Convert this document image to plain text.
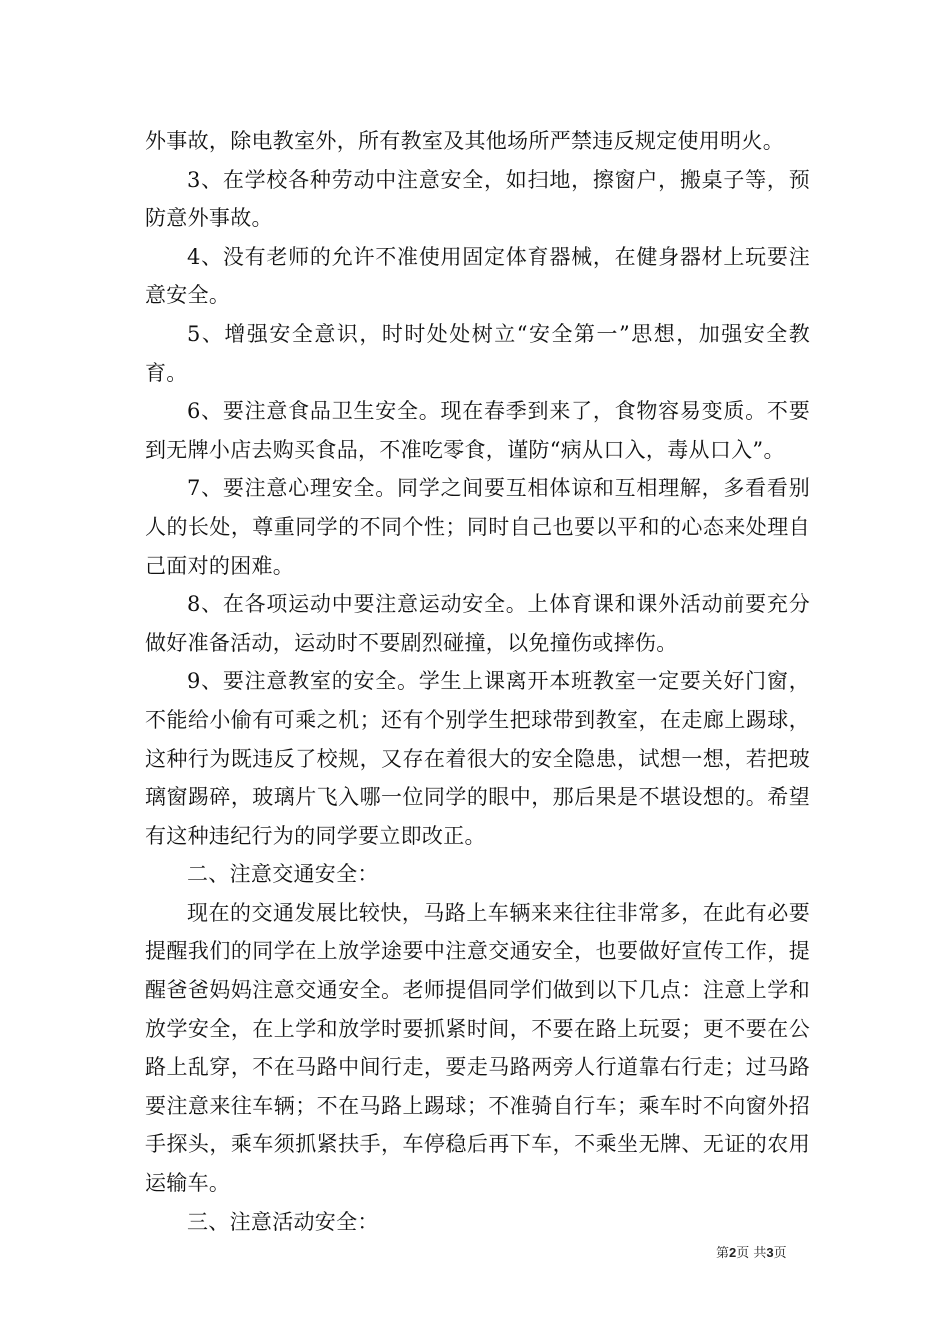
外事故，除电教室外，所有教室及其他场所严禁违反规定使用明火。

3、在学校各种劳动中注意安全，如扫地，擦窗户，搬桌子等，预防意外事故。

4、没有老师的允许不准使用固定体育器械，在健身器材上玩要注意安全。

5、增强安全意识，时时处处树立“安全第一”思想，加强安全教育。

6、要注意食品卫生安全。现在春季到来了，食物容易变质。不要到无牌小店去购买食品，不准吃零食，谨防“病从口入，毒从口入”。

7、要注意心理安全。同学之间要互相体谅和互相理解，多看看别人的长处，尊重同学的不同个性；同时自己也要以平和的心态来处理自己面对的困难。

8、在各项运动中要注意运动安全。上体育课和课外活动前要充分做好准备活动，运动时不要剧烈碰撞，以免撞伤或摔伤。

9、要注意教室的安全。学生上课离开本班教室一定要关好门窗，不能给小偷有可乘之机；还有个别学生把球带到教室，在走廊上踢球，这种行为既违反了校规，又存在着很大的安全隐患，试想一想，若把玻璃窗踢碎，玻璃片飞入哪一位同学的眼中，那后果是不堪设想的。希望有这种违纪行为的同学要立即改正。

二、注意交通安全：

现在的交通发展比较快，马路上车辆来来往往非常多，在此有必要提醒我们的同学在上放学途要中注意交通安全，也要做好宣传工作，提醒爸爸妈妈注意交通安全。老师提倡同学们做到以下几点：注意上学和放学安全，在上学和放学时要抓紧时间，不要在路上玩耍；更不要在公路上乱穿，不在马路中间行走，要走马路两旁人行道靠右行走；过马路要注意来往车辆；不在马路上踢球；不准骑自行车；乘车时不向窗外招手探头，乘车须抓紧扶手，车停稳后再下车，不乘坐无牌、无证的农用运输车。

三、注意活动安全：

第2页 共3页
